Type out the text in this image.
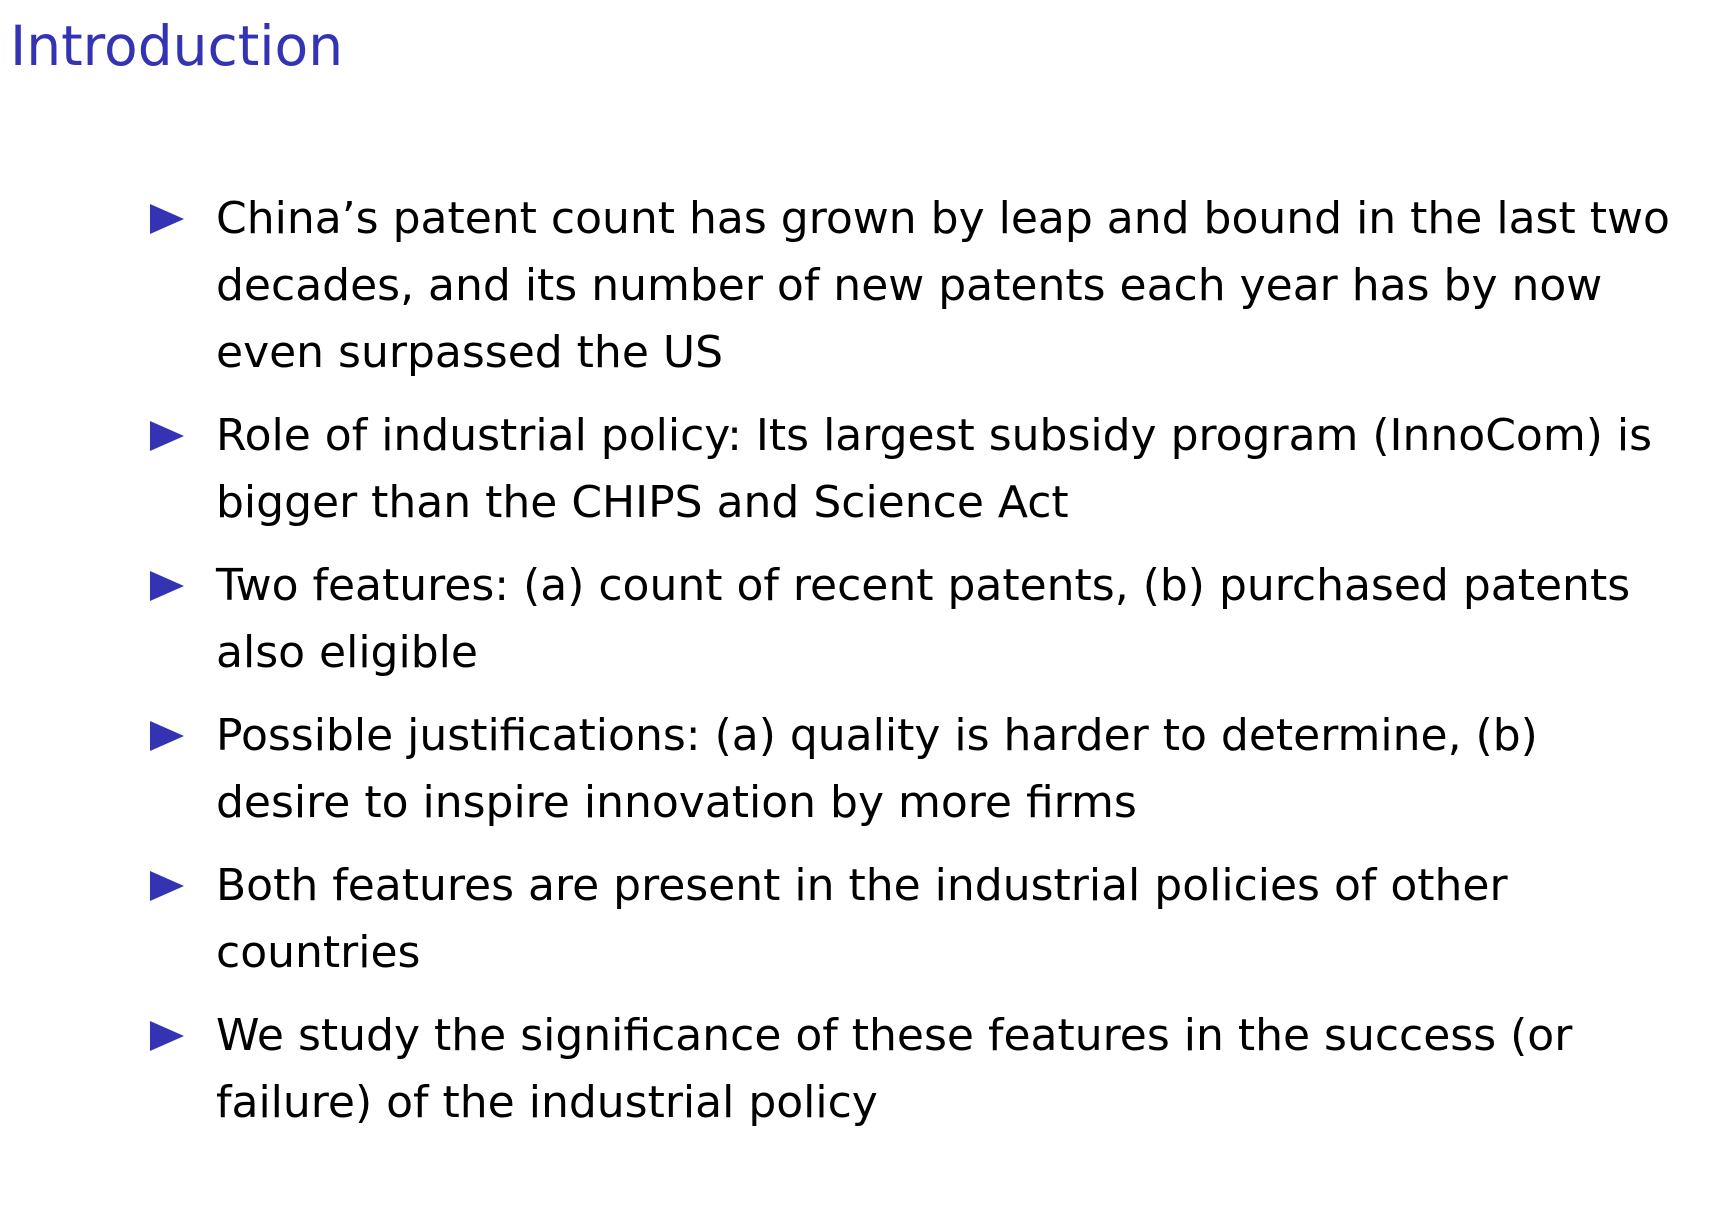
Introduction
China’s patent count has grown by leap and bound in the last two decades, and its number of new patents each year has by now even surpassed the US
Role of industrial policy: Its largest subsidy program (InnoCom) is bigger than the CHIPS and Science Act
Two features: (a) count of recent patents, (b) purchased patents also eligible
Possible justifications: (a) quality is harder to determine, (b) desire to inspire innovation by more firms
Both features are present in the industrial policies of other countries
We study the significance of these features in the success (or failure) of the industrial policy
